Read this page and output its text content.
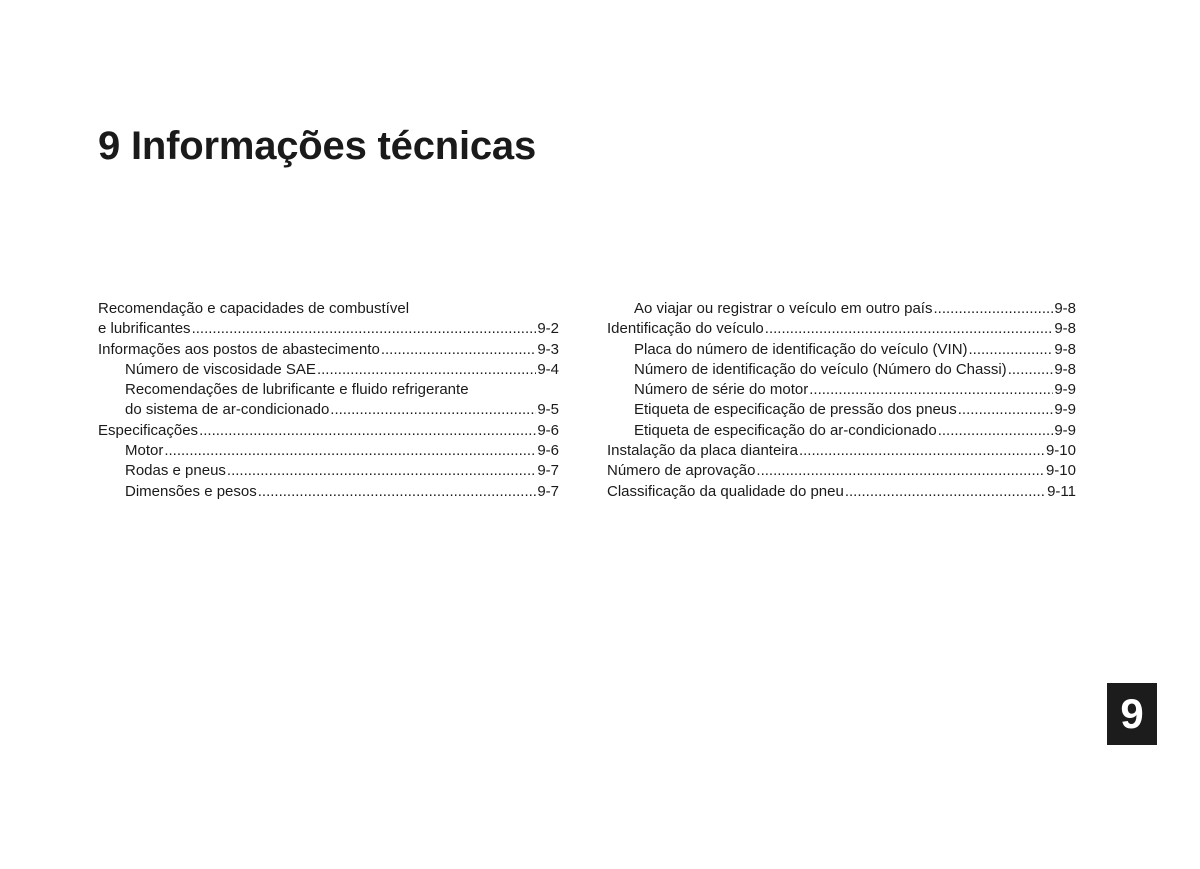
9 Informações técnicas
Recomendação e capacidades de combustível
e lubrificantes .....	9-2
Informações aos postos de abastecimento .....	9-3
Número de viscosidade SAE .....	9-4
Recomendações de lubrificante e fluido refrigerante
do sistema de ar-condicionado .....	9-5
Especificações .....	9-6
Motor .....	9-6
Rodas e pneus .....	9-7
Dimensões e pesos .....	9-7
Ao viajar ou registrar o veículo em outro país .....	9-8
Identificação do veículo .....	9-8
Placa do número de identificação do veículo (VIN) .....	9-8
Número de identificação do veículo (Número do Chassi) .....	9-8
Número de série do motor .....	9-9
Etiqueta de especificação de pressão dos pneus .....	9-9
Etiqueta de especificação do ar-condicionado .....	9-9
Instalação da placa dianteira .....	9-10
Número de aprovação .....	9-10
Classificação da qualidade do pneu .....	9-11
9
